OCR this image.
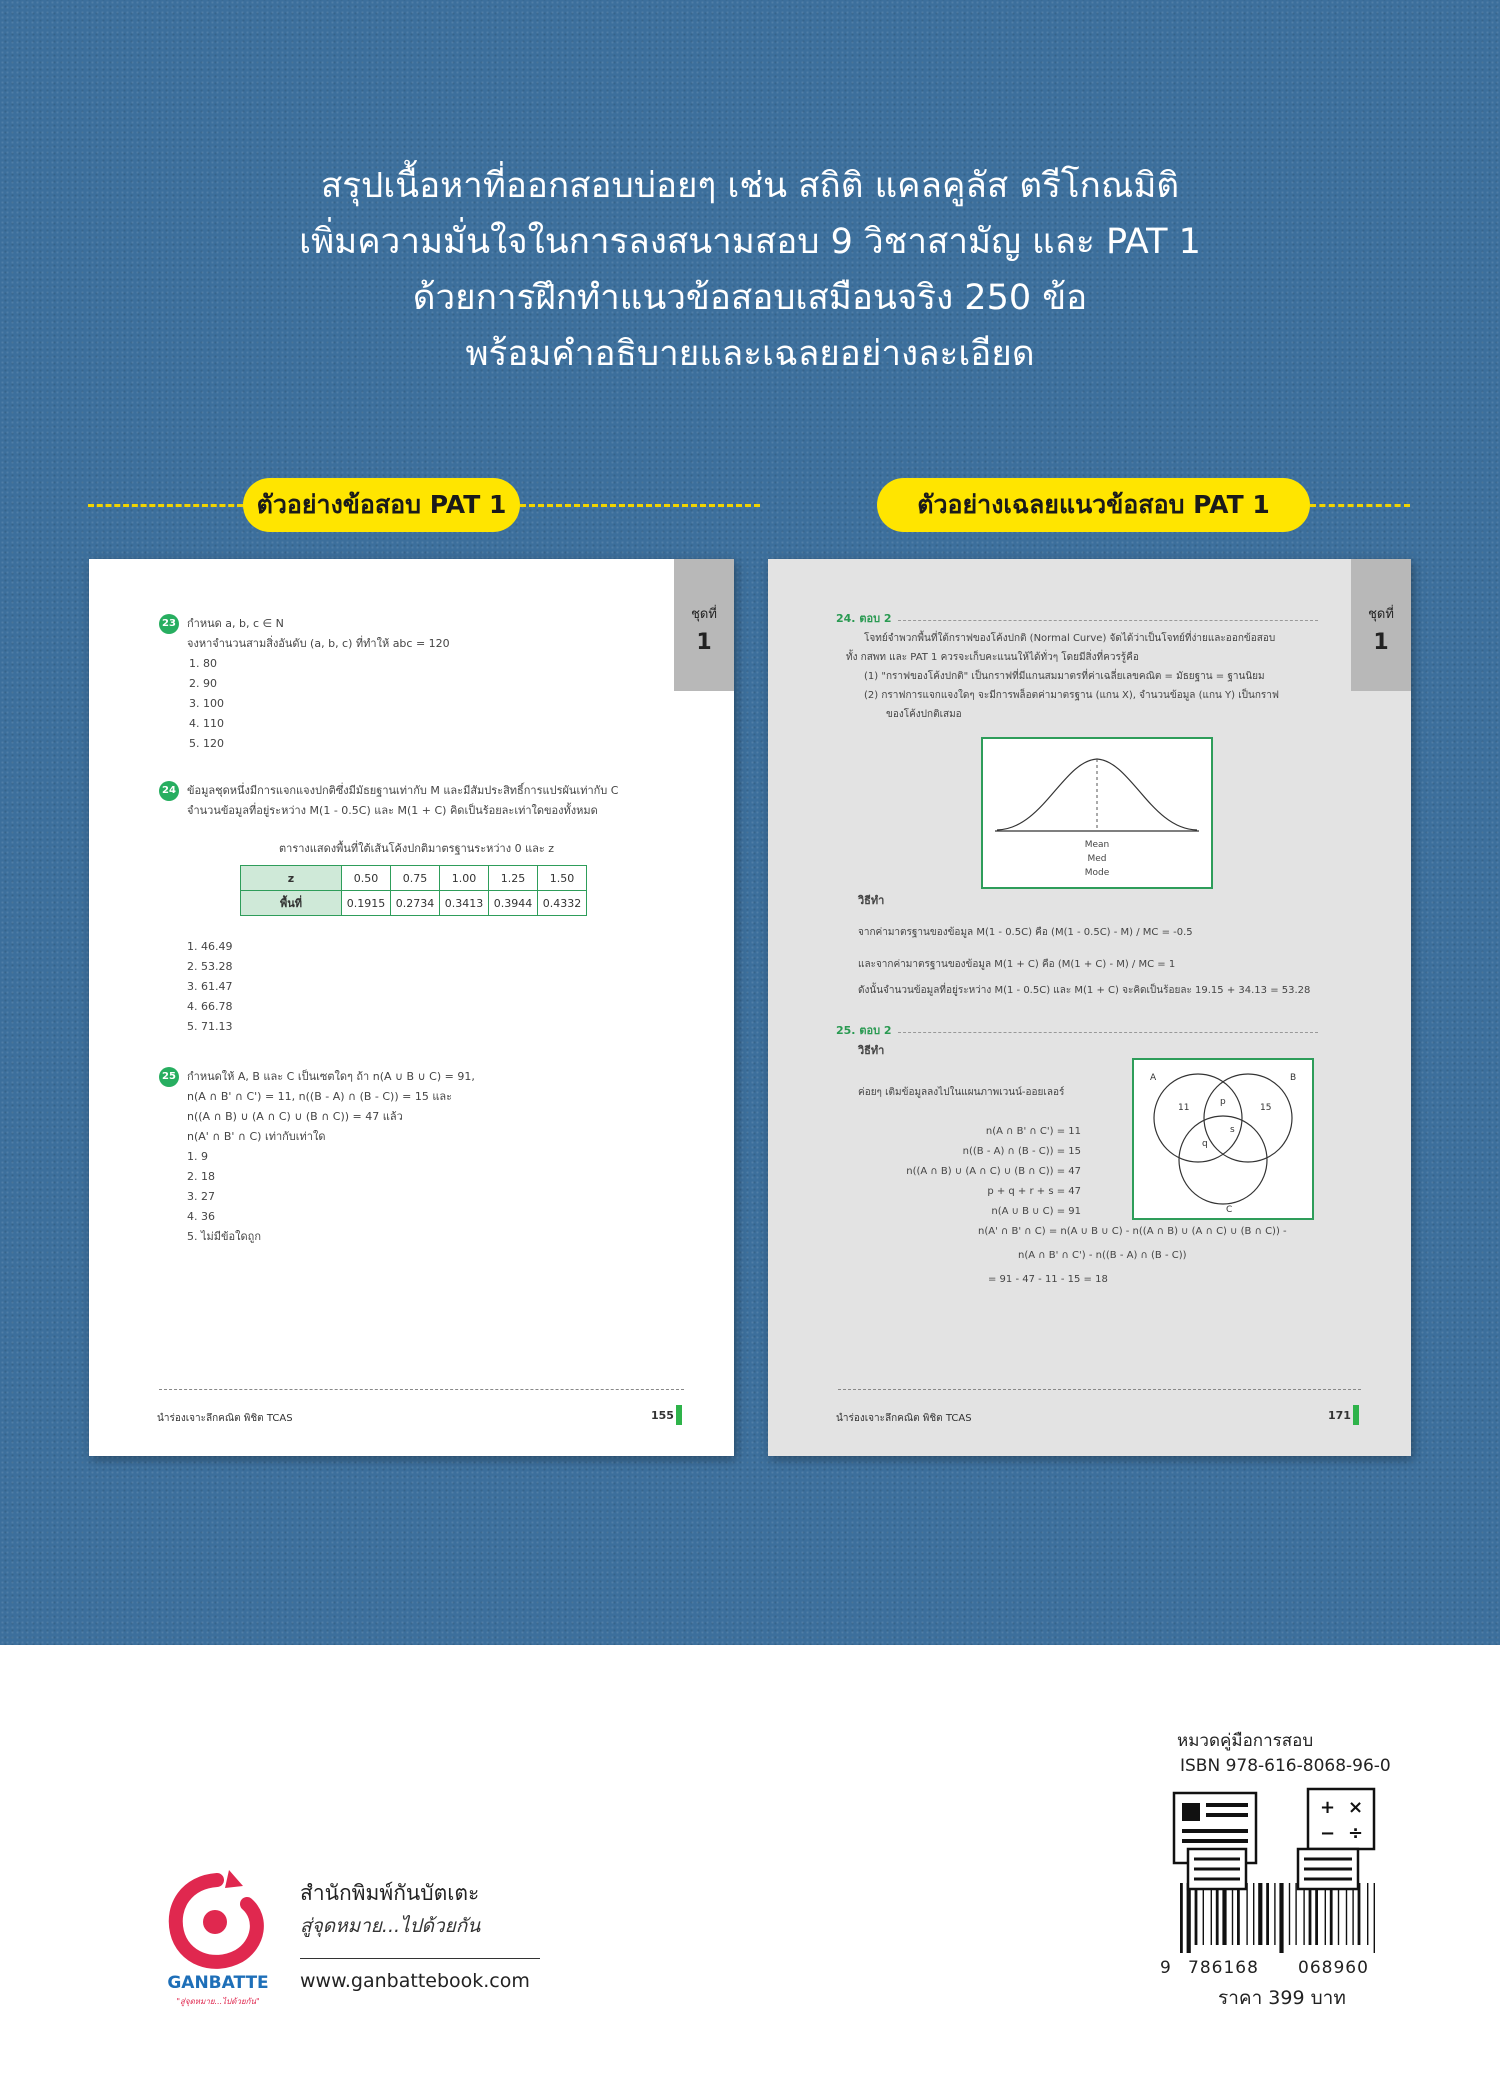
สรุปเนื้อหาที่ออกสอบบ่อยๆ เช่น สถิติ แคลคูลัส ตรีโกณมิติ
เพิ่มความมั่นใจในการลงสนามสอบ 9 วิชาสามัญ และ PAT 1
ด้วยการฝึกทำแนวข้อสอบเสมือนจริง 250 ข้อ
พร้อมคำอธิบายและเฉลยอย่างละเอียด
ตัวอย่างข้อสอบ PAT 1	ตัวอย่างเฉลยแนวข้อสอบ PAT 1
ชุดที่
1
23 กำหนด a, b, c ∈ N
จงหาจำนวนสามสิ่งอันดับ (a, b, c) ที่ทำให้ abc = 120
1. 80
2. 90
3. 100
4. 110
5. 120
24 ข้อมูลชุดหนึ่งมีการแจกแจงปกติซึ่งมีมัธยฐานเท่ากับ M และมีสัมประสิทธิ์การแปรผันเท่ากับ C
จำนวนข้อมูลที่อยู่ระหว่าง M(1 - 0.5C) และ M(1 + C) คิดเป็นร้อยละเท่าใดของทั้งหมด
ตารางแสดงพื้นที่ใต้เส้นโค้งปกติมาตรฐานระหว่าง 0 และ z
z	0.50	0.75	1.00	1.25	1.50
พื้นที่	0.1915	0.2734	0.3413	0.3944	0.4332
1. 46.49
2. 53.28
3. 61.47
4. 66.78
5. 71.13
25 กำหนดให้ A, B และ C เป็นเซตใดๆ ถ้า n(A ∪ B ∪ C) = 91,
n(A ∩ B' ∩ C') = 11, n((B - A) ∩ (B - C)) = 15 และ
n((A ∩ B) ∪ (A ∩ C) ∪ (B ∩ C)) = 47 แล้ว
n(A' ∩ B' ∩ C) เท่ากับเท่าใด
1. 9
2. 18
3. 27
4. 36
5. ไม่มีข้อใดถูก
นำร่องเจาะลึกคณิต พิชิต TCAS	155
ชุดที่
1
24. ตอบ 2
โจทย์จำพวกพื้นที่ใต้กราฟของโค้งปกติ (Normal Curve) จัดได้ว่าเป็นโจทย์ที่ง่ายและออกข้อสอบ
ทั้ง กสพท และ PAT 1 ควรจะเก็บคะแนนให้ได้ทั่วๆ โดยมีสิ่งที่ควรรู้คือ
(1) "กราฟของโค้งปกติ" เป็นกราฟที่มีแกนสมมาตรที่ค่าเฉลี่ยเลขคณิต = มัธยฐาน = ฐานนิยม
(2) กราฟการแจกแจงใดๆ จะมีการพล็อตค่ามาตรฐาน (แกน X), จำนวนข้อมูล (แกน Y) เป็นกราฟ
ของโค้งปกติเสมอ
Mean
Med
Mode
วิธีทำ
จากค่ามาตรฐานของข้อมูล M(1 - 0.5C) คือ (M(1 - 0.5C) - M) / MC = -0.5
และจากค่ามาตรฐานของข้อมูล M(1 + C) คือ (M(1 + C) - M) / MC = 1
ดังนั้นจำนวนข้อมูลที่อยู่ระหว่าง M(1 - 0.5C) และ M(1 + C) จะคิดเป็นร้อยละ 19.15 + 34.13 = 53.28
25. ตอบ 2
วิธีทำ
ค่อยๆ เติมข้อมูลลงไปในแผนภาพเวนน์-ออยเลอร์
A	B
C
11	15
p
q
s
n(A ∩ B' ∩ C') = 11
n((B - A) ∩ (B - C)) = 15
n((A ∩ B) ∪ (A ∩ C) ∪ (B ∩ C)) = 47
p + q + r + s = 47
n(A ∪ B ∪ C) = 91
n(A' ∩ B' ∩ C) = n(A ∪ B ∪ C) - n((A ∩ B) ∪ (A ∩ C) ∪ (B ∩ C)) -
n(A ∩ B' ∩ C') - n((B - A) ∩ (B - C))
= 91 - 47 - 11 - 15 = 18
นำร่องเจาะลึกคณิต พิชิต TCAS	171
GANBATTE
"สู่จุดหมาย...ไปด้วยกัน"
สำนักพิมพ์กันบัตเตะ
สู่จุดหมาย...ไปด้วยกัน
www.ganbattebook.com
หมวดคู่มือการสอบ
ISBN 978-616-8068-96-0
+ ×
− ÷
9 786168 068960
ราคา 399 บาท
